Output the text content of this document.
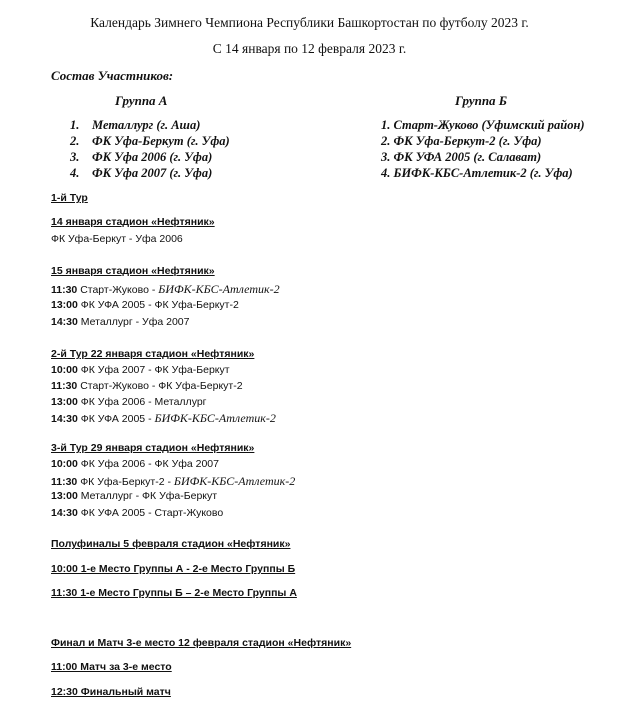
Календарь Зимнего Чемпиона Республики Башкортостан по футболу 2023 г.
С 14 января по 12 февраля 2023 г.
Состав Участников:
Группа А	Группа Б
1. Металлург (г. Аша)
2. ФК Уфа-Беркут (г. Уфа)
3. ФК Уфа 2006 (г. Уфа)
4. ФК Уфа 2007 (г. Уфа)
1. Старт-Жуково (Уфимский район)
2. ФК Уфа-Беркут-2 (г. Уфа)
3. ФК УФА 2005 (г. Салават)
4. БИФК-КБС-Атлетик-2 (г. Уфа)
1-й Тур
14 января стадион «Нефтяник»
ФК Уфа-Беркут - Уфа 2006
15 января стадион «Нефтяник»
11:30 Старт-Жуково - БИФК-КБС-Атлетик-2
13:00 ФК УФА 2005 - ФК Уфа-Беркут-2
14:30 Металлург - Уфа 2007
2-й Тур 22 января стадион «Нефтяник»
10:00 ФК Уфа 2007 - ФК Уфа-Беркут
11:30 Старт-Жуково - ФК Уфа-Беркут-2
13:00 ФК Уфа 2006 - Металлург
14:30 ФК УФА 2005 - БИФК-КБС-Атлетик-2
3-й Тур 29 января стадион «Нефтяник»
10:00 ФК Уфа 2006 - ФК Уфа 2007
11:30 ФК Уфа-Беркут-2 - БИФК-КБС-Атлетик-2
13:00 Металлург - ФК Уфа-Беркут
14:30 ФК УФА 2005 - Старт-Жуково
Полуфиналы 5 февраля стадион «Нефтяник»
10:00 1-е Место Группы А - 2-е Место Группы Б
11:30 1-е Место Группы Б – 2-е Место Группы А
Финал и Матч 3-е место 12 февраля стадион «Нефтяник»
11:00 Матч за 3-е место
12:30 Финальный матч
